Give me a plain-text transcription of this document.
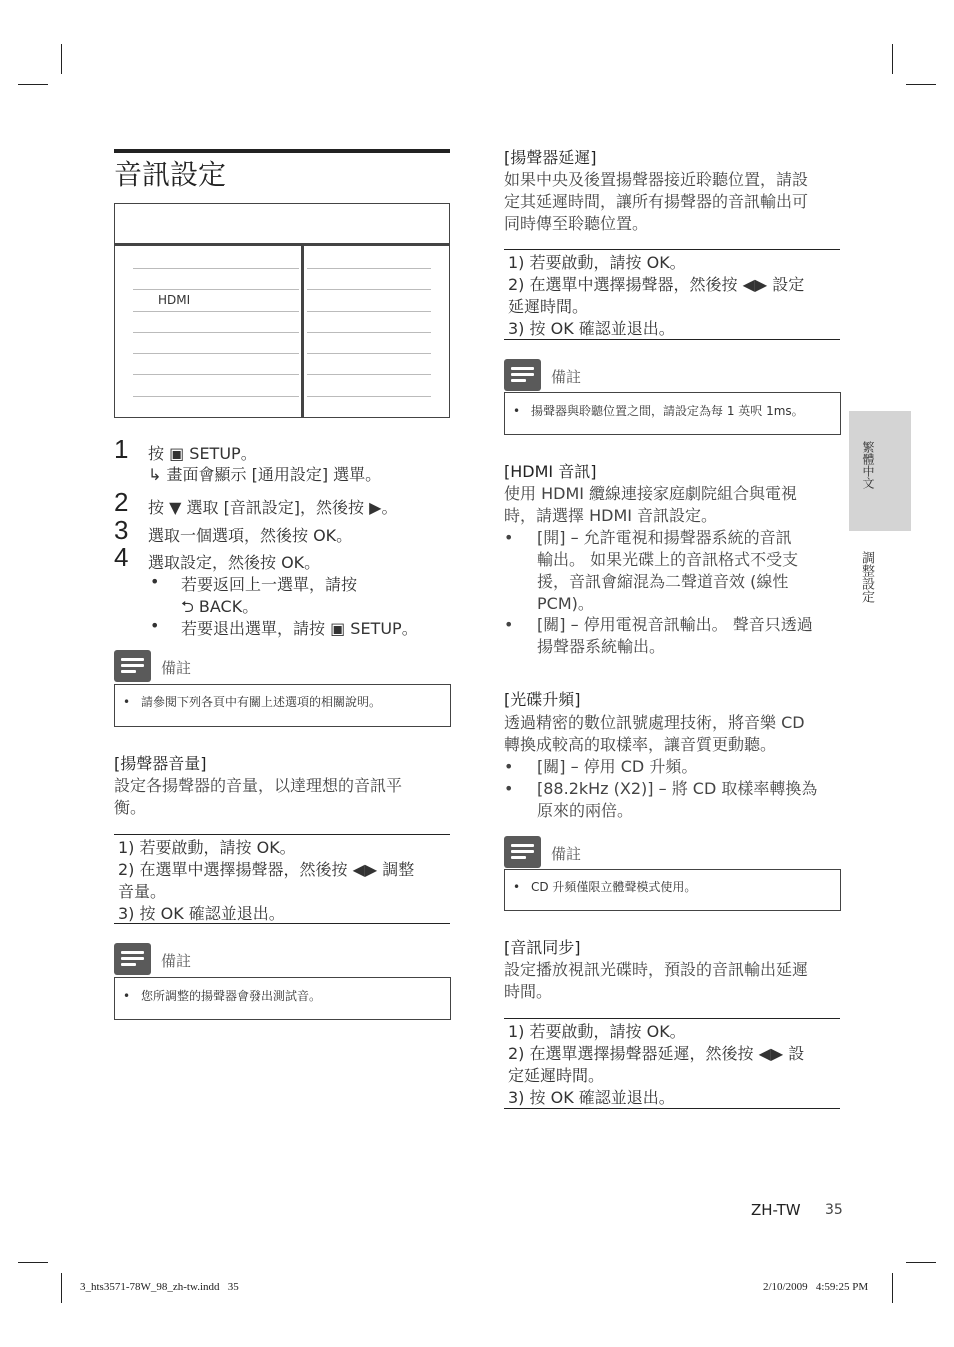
音訊設定
HDMI
1 按 ▣ SETUP。
↳ 畫面會顯示 [通用設定] 選單。
2 按 ▼ 選取 [音訊設定]，然後按 ▶。
3 選取一個選項，然後按 OK。
4 選取設定，然後按 OK。
• 若要返回上一選單，請按
⮌ BACK。
• 若要退出選單，請按 ▣ SETUP。
備註
• 請參閱下列各頁中有關上述選項的相關說明。
[揚聲器音量]
設定各揚聲器的音量，以達理想的音訊平
衡。
1) 若要啟動，請按 OK。
2) 在選單中選擇揚聲器，然後按 ◀▶ 調整
音量。
3) 按 OK 確認並退出。
備註
• 您所調整的揚聲器會發出測試音。
[揚聲器延遲]
如果中央及後置揚聲器接近聆聽位置，請設
定其延遲時間，讓所有揚聲器的音訊輸出可
同時傳至聆聽位置。
1) 若要啟動，請按 OK。
2) 在選單中選擇揚聲器，然後按 ◀▶ 設定
延遲時間。
3) 按 OK 確認並退出。
備註
• 揚聲器與聆聽位置之間，請設定為每 1 英呎 1ms。
[HDMI 音訊]
使用 HDMI 纜線連接家庭劇院組合與電視
時，請選擇 HDMI 音訊設定。
• [開] – 允許電視和揚聲器系統的音訊
輸出。 如果光碟上的音訊格式不受支
援，音訊會縮混為二聲道音效 (線性
PCM)。
• [關] – 停用電視音訊輸出。 聲音只透過
揚聲器系統輸出。
[光碟升頻]
透過精密的數位訊號處理技術，將音樂 CD
轉換成較高的取樣率，讓音質更動聽。
• [關] – 停用 CD 升頻。
• [88.2kHz (X2)] – 將 CD 取樣率轉換為
原來的兩倍。
備註
• CD 升頻僅限立體聲模式使用。
[音訊同步]
設定播放視訊光碟時，預設的音訊輸出延遲
時間。
1) 若要啟動，請按 OK。
2) 在選單選擇揚聲器延遲，然後按 ◀▶ 設
定延遲時間。
3) 按 OK 確認並退出。
繁體中文
調整設定
ZH-TW 35
3_hts3571-78W_98_zh-tw.indd   35	2/10/2009   4:59:25 PM
